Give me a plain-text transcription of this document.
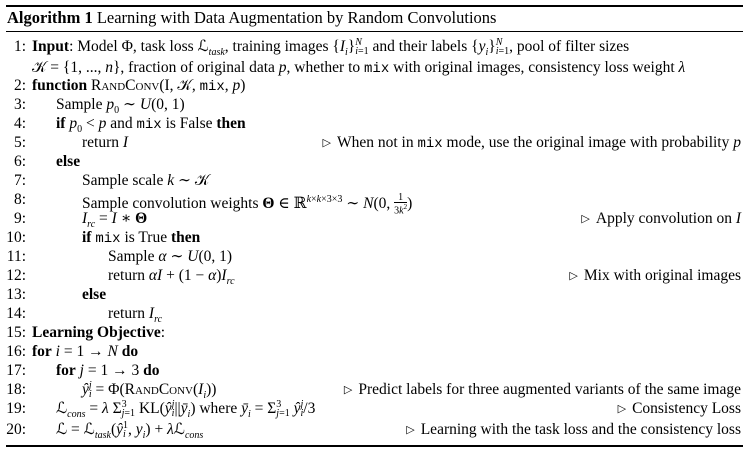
Algorithm 1 Learning with Data Augmentation by Random Convolutions
1: Input: Model Φ, task loss ℒ$_{task}$, training images $\{I_i\}N$
i=1 and their labels $\{y_i\}N$
i=1, pool of filter sizes
𝒦 = {1, ..., n}, fraction of original data p, whether to mix with original images, consistency loss weight λ
2: function RandConv(I, 𝒦, mix, p)
3: Sample $p_0$ ∼ U(0, 1)
4: if $p_0 < p$ and mix is False then
5:	return I	▷ When not in mix mode, use the original image with probability p
6: else
7:	Sample scale k ∼ 𝒦
8:	Sample convolution weights Θ ∈ ℝ$^{k\times k\times 3\times 3}$ ∼ N(0, $\frac{1}{3k^2}$ )
9:	$I_{rc} = I$ ∗ Θ	▷ Apply convolution on I
10:	if mix is True then
11:	Sample α ∼ U(0, 1)
12:	return $\alpha I + (1 - \alpha)I_{rc}$	▷ Mix with original images
13:	else
14:	return $I_{rc}$
15: Learning Objective:
16: for i = 1 → N do
17: for j = 1 → 3 do
18:	ŷj
$i = \Phi(RandConv(I_i))$	▷ Predict labels for three augmented variants of the same image
19: ℒ$_{cons}$ = λ Σ3
j=1 KL(ŷj
$i||ȳ_i$) where $ȳ_i = \Sigma 3$
j=1 ŷj
i/3	▷ Consistency Loss
20: ℒ = ℒ$_{task}$(ŷ1
i , $y_i$) + λℒ$_{cons}$	▷ Learning with the task loss and the consistency loss
